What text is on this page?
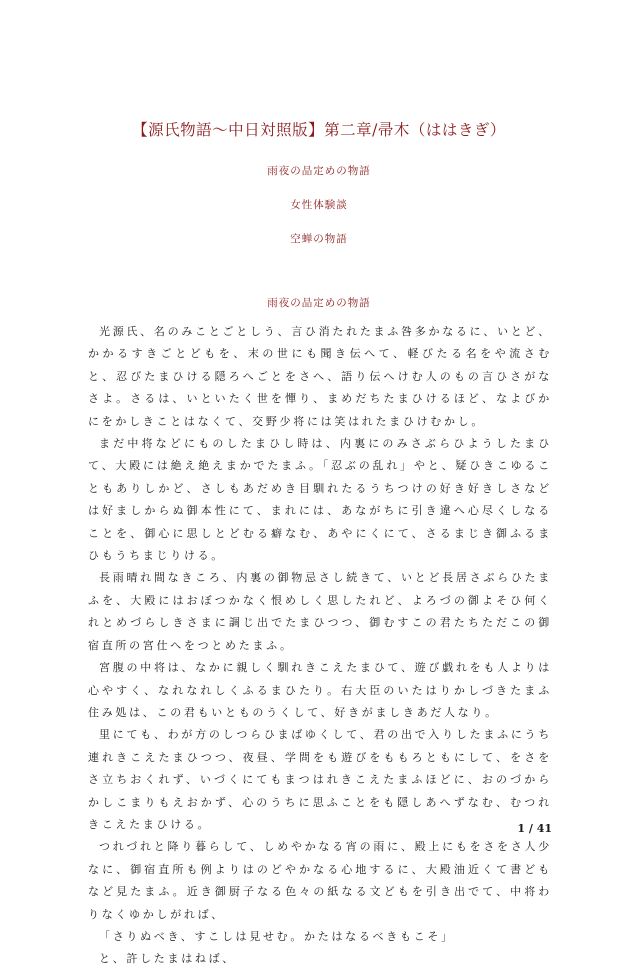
【源氏物語～中日対照版】第二章/帚木（ははきぎ）
雨夜の品定めの物語
女性体験談
空蝉の物語
雨夜の品定めの物語

光源氏、名のみことごとしう、言ひ消たれたまふ咎多かなるに、いとど、かかるすきごとどもを、末の世にも聞き伝へて、軽びたる名をや流さむと、忍びたまひける隠ろへごとをさへ、語り伝へけむ人のもの言ひさがなさよ。さるは、いといたく世を憚り、まめだちたまひけるほど、なよびかにをかしきことはなくて、交野少将には笑はれたまひけむかし。

まだ中将などにものしたまひし時は、内裏にのみさぶらひようしたまひて、大殿には絶え絶えまかでたまふ。「忍ぶの乱れ」やと、疑ひきこゆることもありしかど、さしもあだめき目馴れたるうちつけの好き好きしさなどは好ましからぬ御本性にて、まれには、あながちに引き違へ心尽くしなることを、御心に思しとどむる癖なむ、あやにくにて、さるまじき御ふるまひもうちまじりける。

長雨晴れ間なきころ、内裏の御物忌さし続きて、いとど長居さぶらひたまふを、大殿にはおぼつかなく恨めしく思したれど、よろづの御よそひ何くれとめづらしきさまに調じ出でたまひつつ、御むすこの君たちただこの御宿直所の宮仕へをつとめたまふ。

宮腹の中将は、なかに親しく馴れきこえたまひて、遊び戯れをも人よりは心やすく、なれなれしくふるまひたり。右大臣のいたはりかしづきたまふ住み処は、この君もいとものうくして、好きがましきあだ人なり。

里にても、わが方のしつらひまばゆくして、君の出で入りしたまふにうち連れきこえたまひつつ、夜昼、学問をも遊びをももろともにして、をさをさ立ちおくれず、いづくにてもまつはれきこえたまふほどに、おのづからかしこまりもえおかず、心のうちに思ふことをも隠しあへずなむ、むつれきこえたまひける。

つれづれと降り暮らして、しめやかなる宵の雨に、殿上にもをさをさ人少なに、御宿直所も例よりはのどやかなる心地するに、大殿油近くて書どもなど見たまふ。近き御厨子なる色々の紙なる文どもを引き出でて、中将わりなくゆかしがれば、

「さりぬべき、すこしは見せむ。かたはなるべきもこそ」

と、許したまはねば、

1 / 41
